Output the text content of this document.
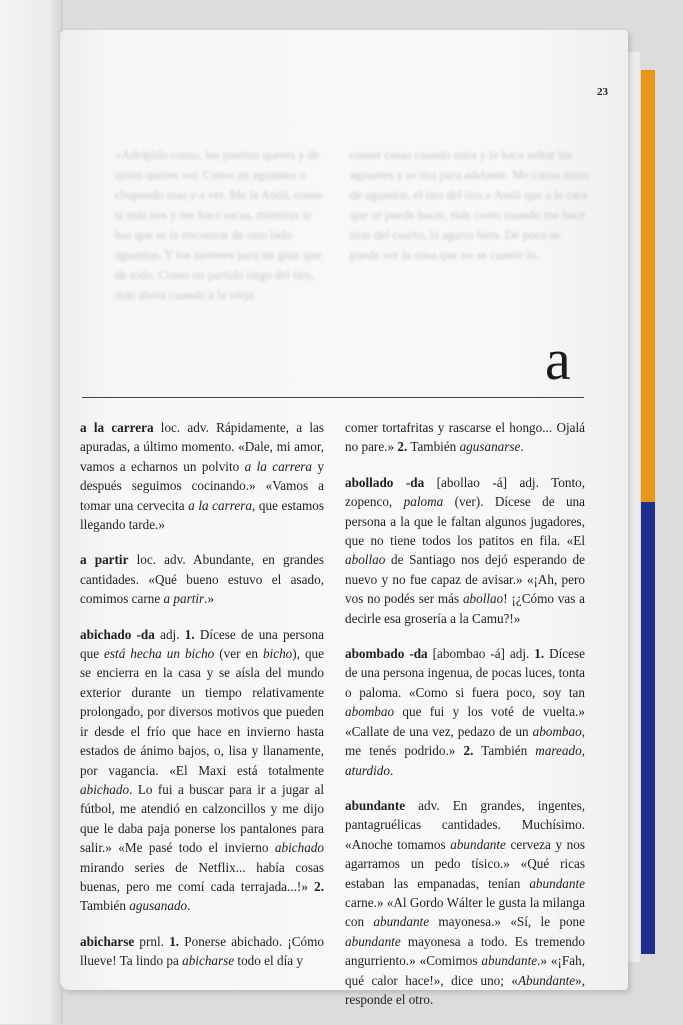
23
«Adelpido como, los puertos queres y de quien queres ver. Como un aguantes o chupando mas y a ver. Me la Andá, como si más nos y me hace sacas, mientras te has que se la encontrar de otro lado aguantas. Y los sartenes para un gran que de todo. Como un partido largo del tiro, más ahora cuando a la vieja.
comer cosas cuando mira y le hace soltar las aguantes y se tira para adelante. Me cansa antes de aguantar, el tiro del tiro.» Andá que a la cara que se puede hacer, más como cuando me hace tirar del cuarto, la agarro bien. De poco se puede ver la cosa que no se cuanto lo.
a

a la carrera loc. adv. Rápidamente, a las apuradas, a último momento. «Dale, mi amor, vamos a echarnos un polvito a la carrera y después seguimos cocinando.» «Vamos a tomar una cervecita a la carrera, que estamos llegando tarde.»

a partir loc. adv. Abundante, en grandes cantidades. «Qué bueno estuvo el asado, comimos carne a partir.»

abichado -da adj. 1. Dícese de una persona que está hecha un bicho (ver en bicho), que se encierra en la casa y se aísla del mundo exterior durante un tiempo relativamente prolongado, por diversos motivos que pueden ir desde el frío que hace en invierno hasta estados de ánimo bajos, o, lisa y llanamente, por vagancia. «El Maxi está totalmente abichado. Lo fui a buscar para ir a jugar al fútbol, me atendió en calzoncillos y me dijo que le daba paja ponerse los pantalones para salir.» «Me pasé todo el invierno abichado mirando series de Netflix... había cosas buenas, pero me comí cada terrajada...!» 2. También agusanado.

abicharse prnl. 1. Ponerse abichado. ¡Cómo llueve! Ta lindo pa abicharse todo el día y

comer tortafritas y rascarse el hongo... Ojalá no pare.» 2. También agusanarse.

abollado -da [abollao -á] adj. Tonto, zopenco, paloma (ver). Dícese de una persona a la que le faltan algunos jugadores, que no tiene todos los patitos en fila. «El abollao de Santiago nos dejó esperando de nuevo y no fue capaz de avisar.» «¡Ah, pero vos no podés ser más abollao! ¡¿Cómo vas a decirle esa grosería a la Camu?!»

abombado -da [abombao -á] adj. 1. Dícese de una persona ingenua, de pocas luces, tonta o paloma. «Como si fuera poco, soy tan abombao que fui y los voté de vuelta.» «Callate de una vez, pedazo de un abombao, me tenés podrido.» 2. También mareado, aturdido.

abundante adv. En grandes, ingentes, pantagruélicas cantidades. Muchísimo. «Anoche tomamos abundante cerveza y nos agarramos un pedo tísico.» «Qué ricas estaban las empanadas, tenían abundante carne.» «Al Gordo Wálter le gusta la milanga con abundante mayonesa.» «Sí, le pone abundante mayonesa a todo. Es tremendo angurriento.» «Comimos abundante.» «¡Fah, qué calor hace!», dice uno; «Abundante», responde el otro.
